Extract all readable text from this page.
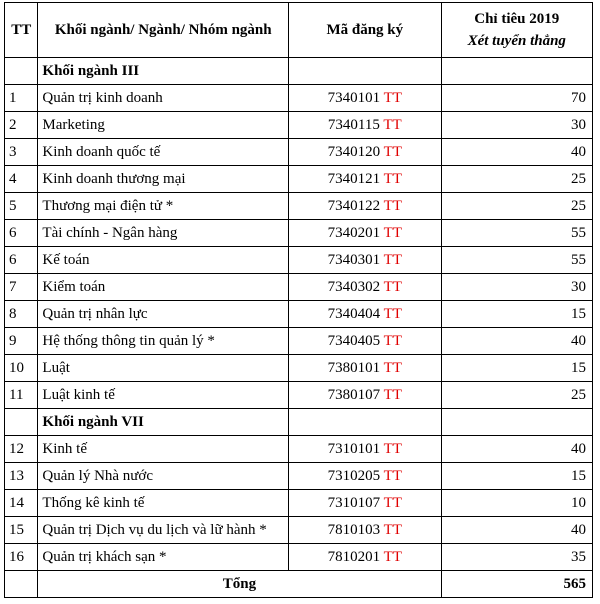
TT	Khối ngành/ Ngành/ Nhóm ngành	Mã đăng ký	Chỉ tiêu 2019
Xét tuyển thẳng

	Khối ngành III		
1	Quản trị kinh doanh	7340101 TT	70
2	Marketing	7340115 TT	30
3	Kinh doanh quốc tế	7340120 TT	40
4	Kinh doanh thương mại	7340121 TT	25
5	Thương mại điện tử *	7340122 TT	25
6	Tài chính - Ngân hàng	7340201 TT	55
6	Kế toán	7340301 TT	55
7	Kiểm toán	7340302 TT	30
8	Quản trị nhân lực	7340404 TT	15
9	Hệ thống thông tin quản lý *	7340405 TT	40
10	Luật	7380101 TT	15
11	Luật kinh tế	7380107 TT	25
	Khối ngành VII		
12	Kinh tế	7310101 TT	40
13	Quản lý Nhà nước	7310205 TT	15
14	Thống kê kinh tế	7310107 TT	10
15	Quản trị Dịch vụ du lịch và lữ hành *	7810103 TT	40
16	Quản trị khách sạn *	7810201 TT	35
	Tổng		565
